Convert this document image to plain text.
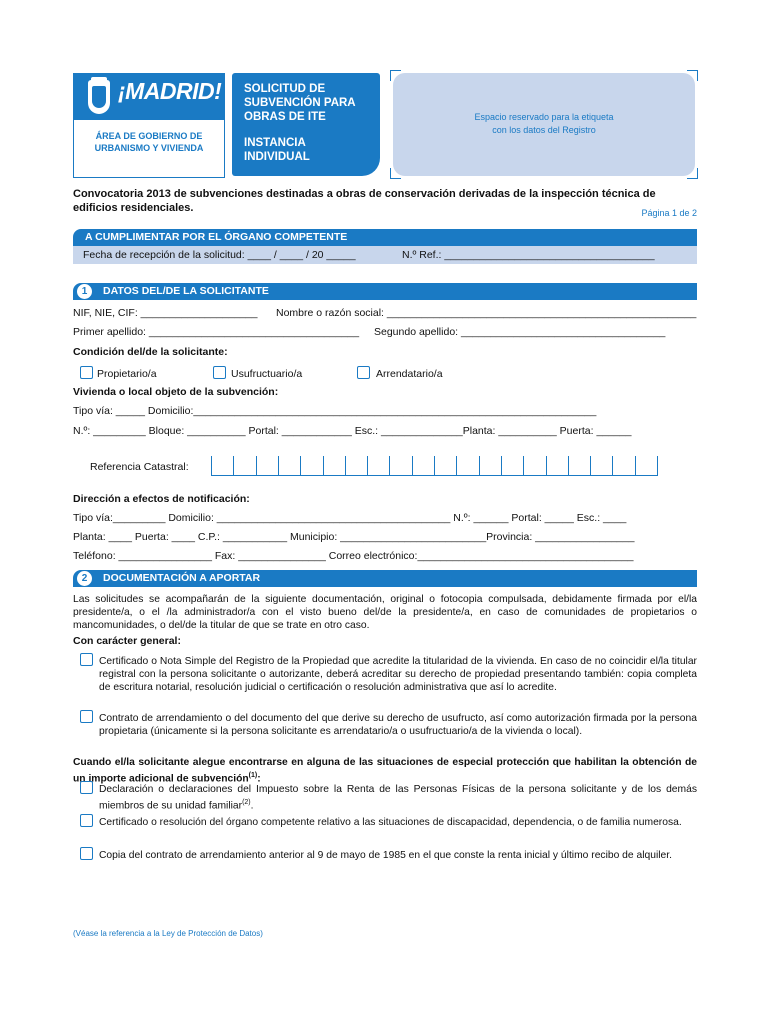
¡MADRID!
ÁREA DE GOBIERNO DE
URBANISMO Y VIVIENDA
SOLICITUD DE
SUBVENCIÓN PARA
OBRAS DE ITE
INSTANCIA
INDIVIDUAL
Espacio reservado para la etiqueta
con los datos del Registro
Convocatoria 2013 de subvenciones destinadas a obras de conservación derivadas de la inspección técnica de
edificios residenciales.	Página 1 de 2
A CUMPLIMENTAR POR EL ÓRGANO COMPETENTE
Fecha de recepción de la solicitud: ____ / ____ / 20 _____	N.º Ref.: ____________________________________
1	DATOS DEL/DE LA SOLICITANTE
NIF, NIE, CIF: ____________________ Nombre o razón social: _____________________________________________________
Primer apellido: ____________________________________ Segundo apellido: ___________________________________
Condición del/de la solicitante:
Propietario/a	Usufructuario/a	Arrendatario/a
Vivienda o local objeto de la subvención:
Tipo vía: _____ Domicilio:_____________________________________________________________________
N.º: _________ Bloque: __________ Portal: ____________ Esc.: ______________Planta: __________ Puerta: ______
Referencia Catastral:
Dirección a efectos de notificación:
Tipo vía:_________ Domicilio: ________________________________________ N.º: ______ Portal: _____ Esc.: ____
Planta: ____ Puerta: ____ C.P.: ___________ Municipio: _________________________Provincia: _________________
Teléfono: ________________ Fax: _______________ Correo electrónico:_____________________________________
2	DOCUMENTACIÓN A APORTAR
Las solicitudes se acompañarán de la siguiente documentación, original o fotocopia compulsada, debidamente firmada por el/la presidente/a, o el /la administrador/a con el visto bueno del/de la presidente/a, en caso de comunidades de propietarios o mancomunidades, o del/de la titular de que se trate en otro caso.
Con carácter general:
Certificado o Nota Simple del Registro de la Propiedad que acredite la titularidad de la vivienda. En caso de no coincidir el/la titular registral con la persona solicitante o autorizante, deberá acreditar su derecho de propiedad presentando también: copia completa de escritura notarial, resolución judicial o certificación o resolución administrativa que así lo acredite.
Contrato de arrendamiento o del documento del que derive su derecho de usufructo, así como autorización firmada por la persona propietaria (únicamente si la persona solicitante es arrendatario/a o usufructuario/a de la vivienda o local).
Cuando el/la solicitante alegue encontrarse en alguna de las situaciones de especial protección que habilitan la obtención de un importe adicional de subvención$^{(1)}$:
Declaración o declaraciones del Impuesto sobre la Renta de las Personas Físicas de la persona solicitante y de los demás miembros de su unidad familiar$^{(2)}$.
Certificado o resolución del órgano competente relativo a las situaciones de discapacidad, dependencia, o de familia numerosa.
Copia del contrato de arrendamiento anterior al 9 de mayo de 1985 en el que conste la renta inicial y último recibo de alquiler.
(Véase la referencia a la Ley de Protección de Datos)
